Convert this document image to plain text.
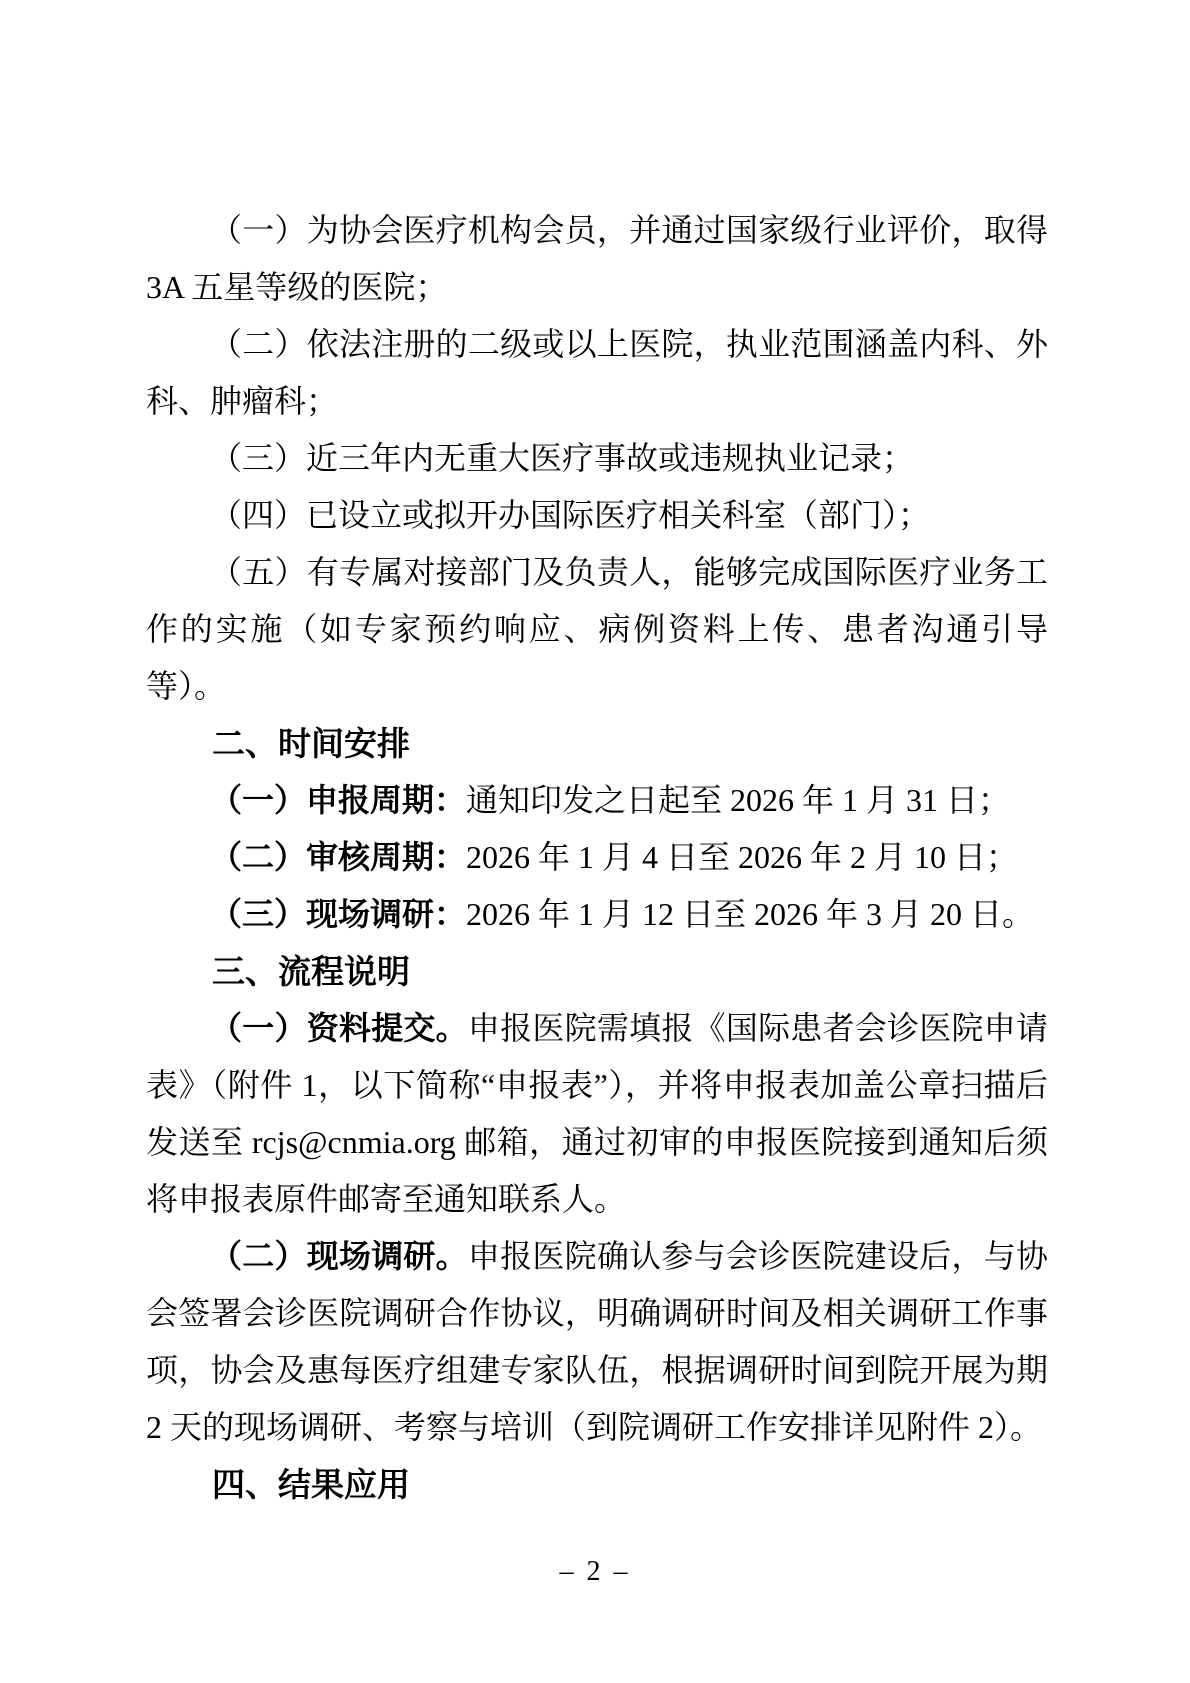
（一）为协会医疗机构会员，并通过国家级行业评价，取得 3A 五星等级的医院；

（二）依法注册的二级或以上医院，执业范围涵盖内科、外科、肿瘤科；

（三）近三年内无重大医疗事故或违规执业记录；

（四）已设立或拟开办国际医疗相关科室（部门）；

（五）有专属对接部门及负责人，能够完成国际医疗业务工作的实施（如专家预约响应、病例资料上传、患者沟通引导等）。

二、时间安排

（一）申报周期：通知印发之日起至 2026 年 1 月 31 日；

（二）审核周期：2026 年 1 月 4 日至 2026 年 2 月 10 日；

（三）现场调研：2026 年 1 月 12 日至 2026 年 3 月 20 日。

三、流程说明

（一）资料提交。申报医院需填报《国际患者会诊医院申请表》（附件 1，以下简称“申报表”），并将申报表加盖公章扫描后发送至 rcjs@cnmia.org 邮箱，通过初审的申报医院接到通知后须将申报表原件邮寄至通知联系人。

（二）现场调研。申报医院确认参与会诊医院建设后，与协会签署会诊医院调研合作协议，明确调研时间及相关调研工作事项，协会及惠每医疗组建专家队伍，根据调研时间到院开展为期 2 天的现场调研、考察与培训（到院调研工作安排详见附件 2）。

四、结果应用

– 2 –
